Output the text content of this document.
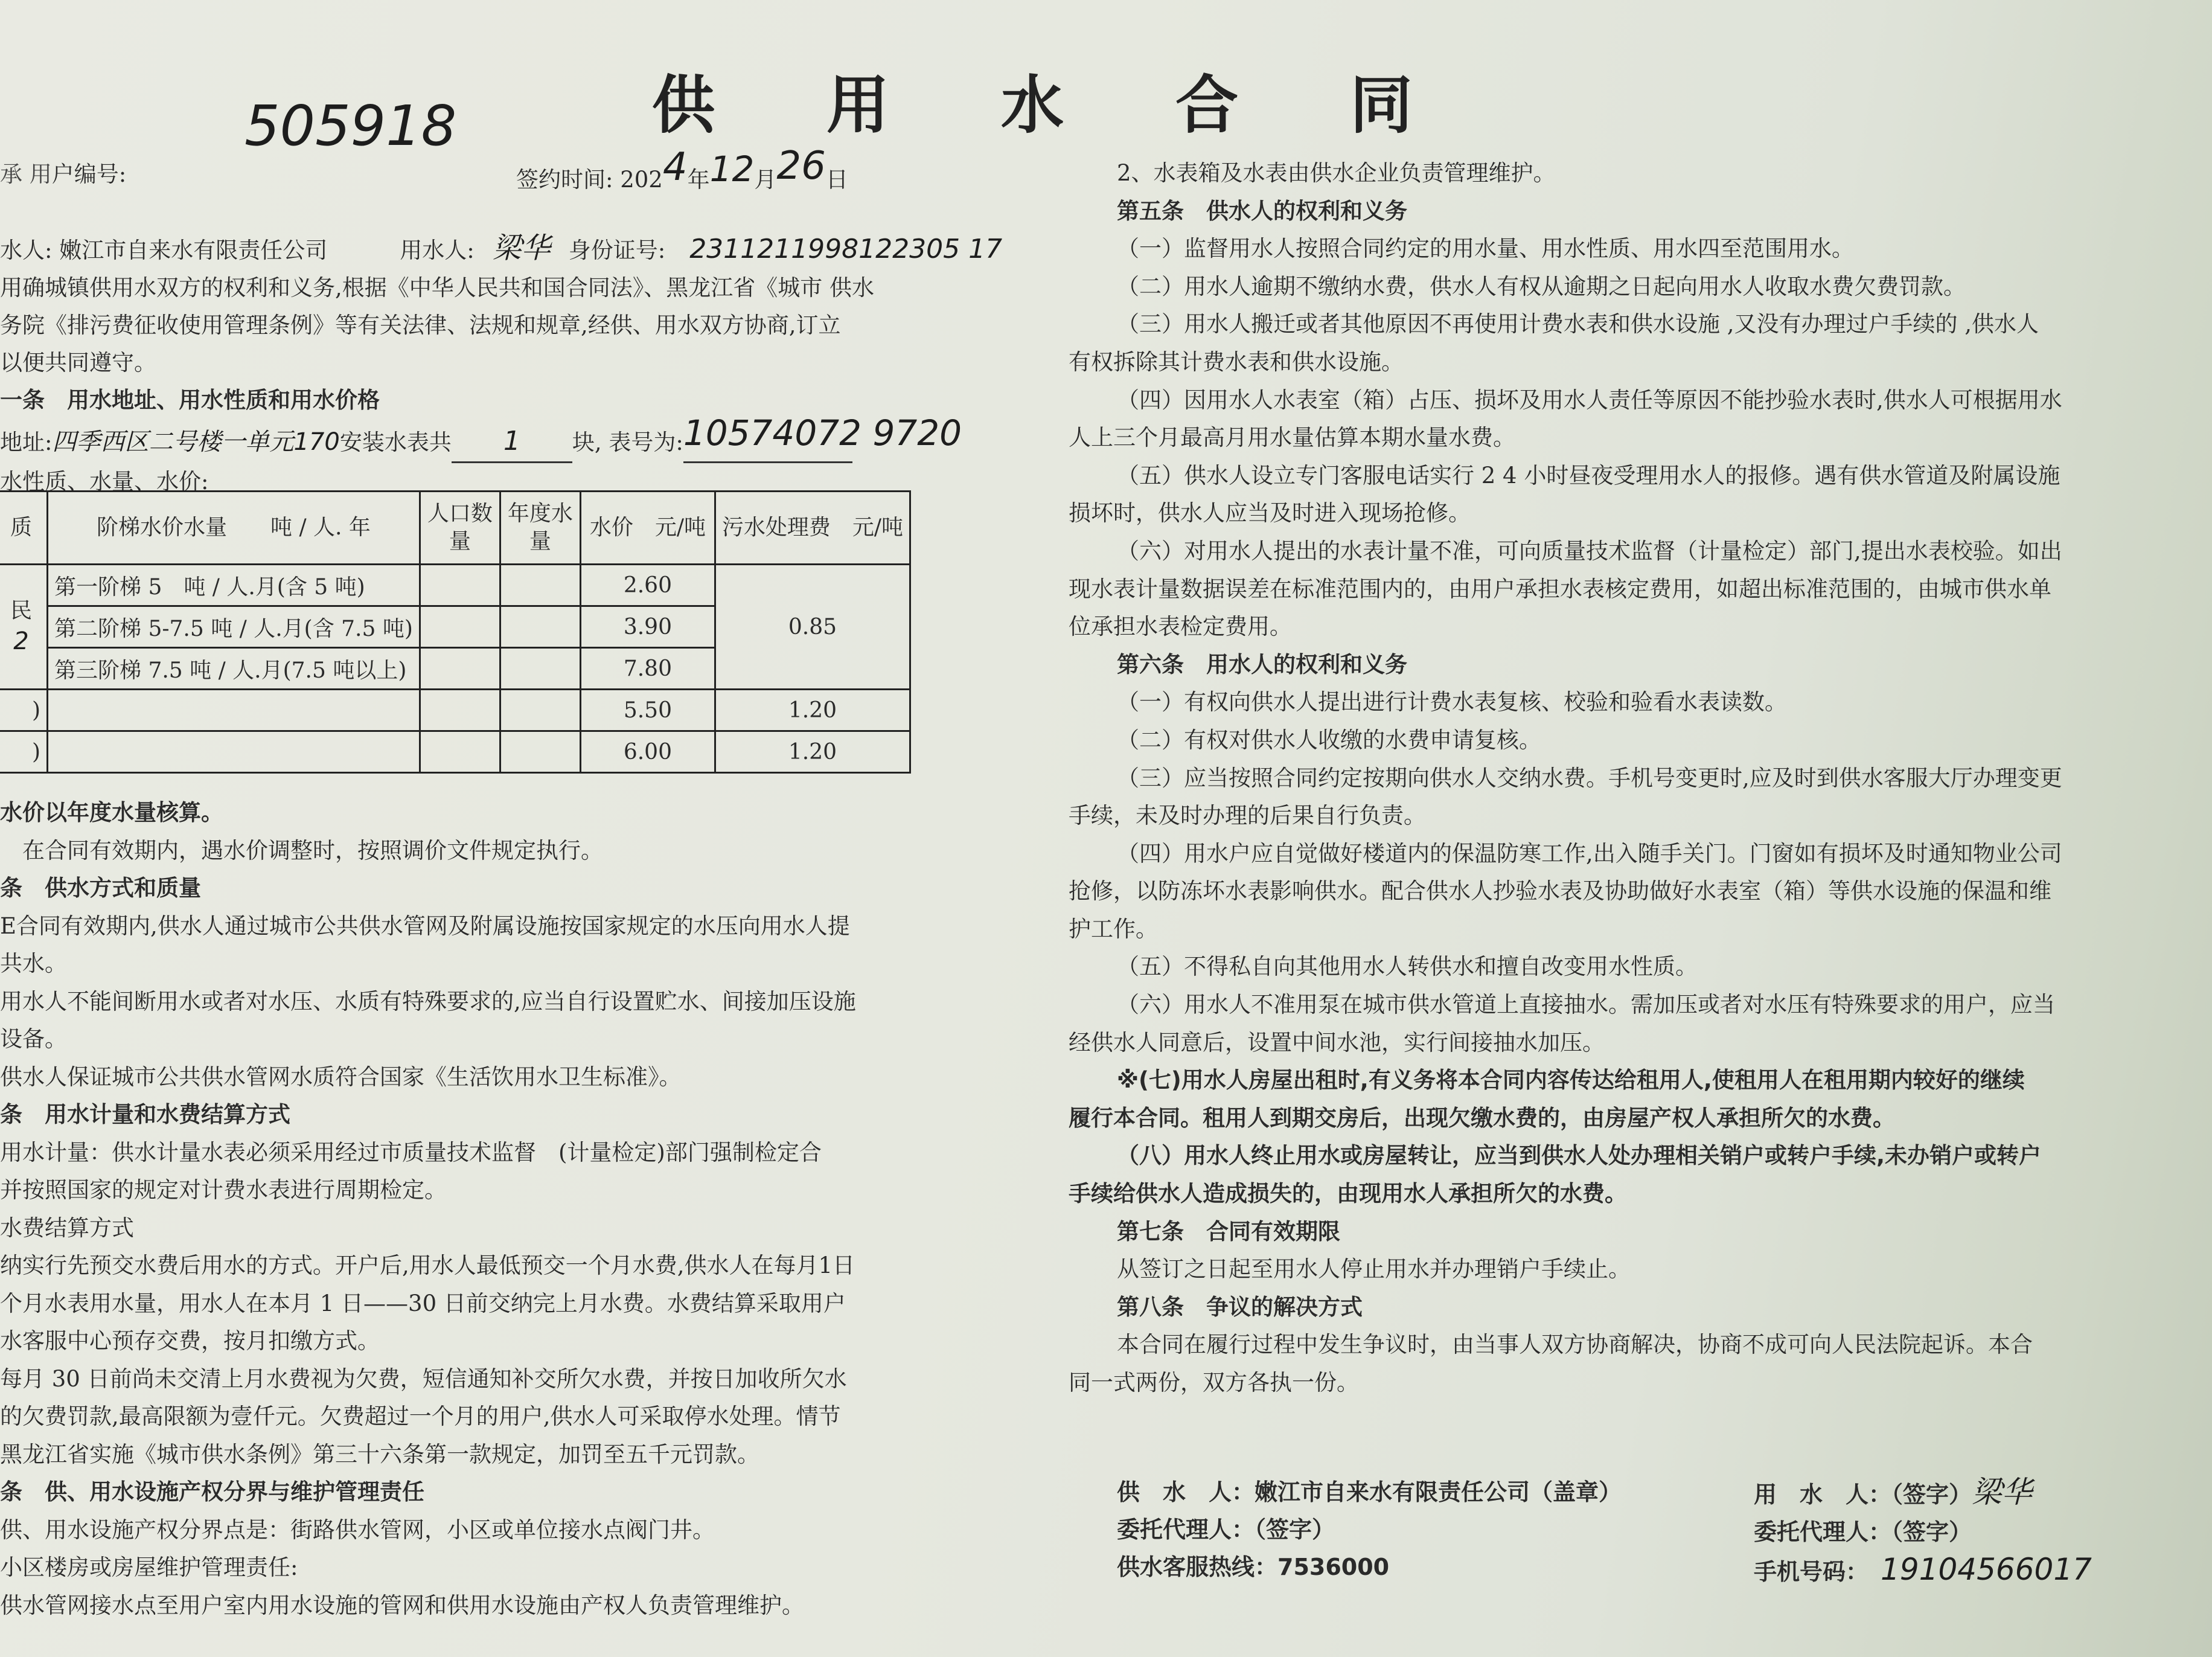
供 用 水 合 同
505918
承 用户编号:	签约时间: 2024年12月26日

水人: 嫩江市自来水有限责任公司	用水人: 梁华 身份证号: 2311211998122305 17

用确城镇供用水双方的权利和义务,根据《中华人民共和国合同法》、黑龙江省《城市 供水

务院《排污费征收使用管理条例》等有关法律、法规和规章,经供、用水双方协商,订立

以便共同遵守。

一条　用水地址、用水性质和用水价格

地址:四季西区二号楼一单元170安装水表共 1 块, 表号为:10574072 9720

水性质、水量、水价:

质	阶梯水价水量　　吨 / 人. 年	人口数量	年度水量	水价　元/吨	污水处理费　元/吨
民
2	第一阶梯 5　吨 / 人.月(含 5 吨)			2.60	0.85
	第二阶梯 5-7.5 吨 / 人.月(含 7.5 吨)			3.90	
	第三阶梯 7.5 吨 / 人.月(7.5 吨以上)			7.80	
)				5.50	1.20
)				6.00	1.20

水价以年度水量核算。

　在合同有效期内，遇水价调整时，按照调价文件规定执行。

条　供水方式和质量

E合同有效期内,供水人通过城市公共供水管网及附属设施按国家规定的水压向用水人提

共水。

用水人不能间断用水或者对水压、水质有特殊要求的,应当自行设置贮水、间接加压设施

设备。

供水人保证城市公共供水管网水质符合国家《生活饮用水卫生标准》。

条　用水计量和水费结算方式

用水计量：供水计量水表必须采用经过市质量技术监督　(计量检定)部门强制检定合

并按照国家的规定对计费水表进行周期检定。

水费结算方式

纳实行先预交水费后用水的方式。开户后,用水人最低预交一个月水费,供水人在每月1日

个月水表用水量，用水人在本月 1 日——30 日前交纳完上月水费。水费结算采取用户

水客服中心预存交费，按月扣缴方式。

每月 30 日前尚未交清上月水费视为欠费，短信通知补交所欠水费，并按日加收所欠水

的欠费罚款,最高限额为壹仟元。欠费超过一个月的用户,供水人可采取停水处理。情节

黑龙江省实施《城市供水条例》第三十六条第一款规定，加罚至五千元罚款。

条　供、用水设施产权分界与维护管理责任

供、用水设施产权分界点是：街路供水管网，小区或单位接水点阀门井。

小区楼房或房屋维护管理责任:

供水管网接水点至用户室内用水设施的管网和供用水设施由产权人负责管理维护。

2、水表箱及水表由供水企业负责管理维护。

第五条　供水人的权利和义务

（一）监督用水人按照合同约定的用水量、用水性质、用水四至范围用水。

（二）用水人逾期不缴纳水费，供水人有权从逾期之日起向用水人收取水费欠费罚款。

（三）用水人搬迁或者其他原因不再使用计费水表和供水设施 ,又没有办理过户手续的 ,供水人

有权拆除其计费水表和供水设施。

（四）因用水人水表室（箱）占压、损坏及用水人责任等原因不能抄验水表时,供水人可根据用水

人上三个月最高月用水量估算本期水量水费。

（五）供水人设立专门客服电话实行 2 4 小时昼夜受理用水人的报修。遇有供水管道及附属设施

损坏时，供水人应当及时进入现场抢修。

（六）对用水人提出的水表计量不准，可向质量技术监督（计量检定）部门,提出水表校验。如出

现水表计量数据误差在标准范围内的，由用户承担水表核定费用，如超出标准范围的，由城市供水单

位承担水表检定费用。

第六条　用水人的权利和义务

（一）有权向供水人提出进行计费水表复核、校验和验看水表读数。

（二）有权对供水人收缴的水费申请复核。

（三）应当按照合同约定按期向供水人交纳水费。手机号变更时,应及时到供水客服大厅办理变更

手续，未及时办理的后果自行负责。

（四）用水户应自觉做好楼道内的保温防寒工作,出入随手关门。门窗如有损坏及时通知物业公司

抢修，以防冻坏水表影响供水。配合供水人抄验水表及协助做好水表室（箱）等供水设施的保温和维

护工作。

（五）不得私自向其他用水人转供水和擅自改变用水性质。

（六）用水人不准用泵在城市供水管道上直接抽水。需加压或者对水压有特殊要求的用户，应当

经供水人同意后，设置中间水池，实行间接抽水加压。

※(七)用水人房屋出租时,有义务将本合同内容传达给租用人,使租用人在租用期内较好的继续

履行本合同。租用人到期交房后，出现欠缴水费的，由房屋产权人承担所欠的水费。

（八）用水人终止用水或房屋转让，应当到供水人处办理相关销户或转户手续,未办销户或转户

手续给供水人造成损失的，由现用水人承担所欠的水费。

第七条　合同有效期限

从签订之日起至用水人停止用水并办理销户手续止。

第八条　争议的解决方式

本合同在履行过程中发生争议时，由当事人双方协商解决，协商不成可向人民法院起诉。本合

同一式两份，双方各执一份。

供　水　人：嫩江市自来水有限责任公司（盖章）
委托代理人：（签字）
供水客服热线：7536000
用　水　人：（签字）梁华
委托代理人：（签字）
手机号码： 19104566017
